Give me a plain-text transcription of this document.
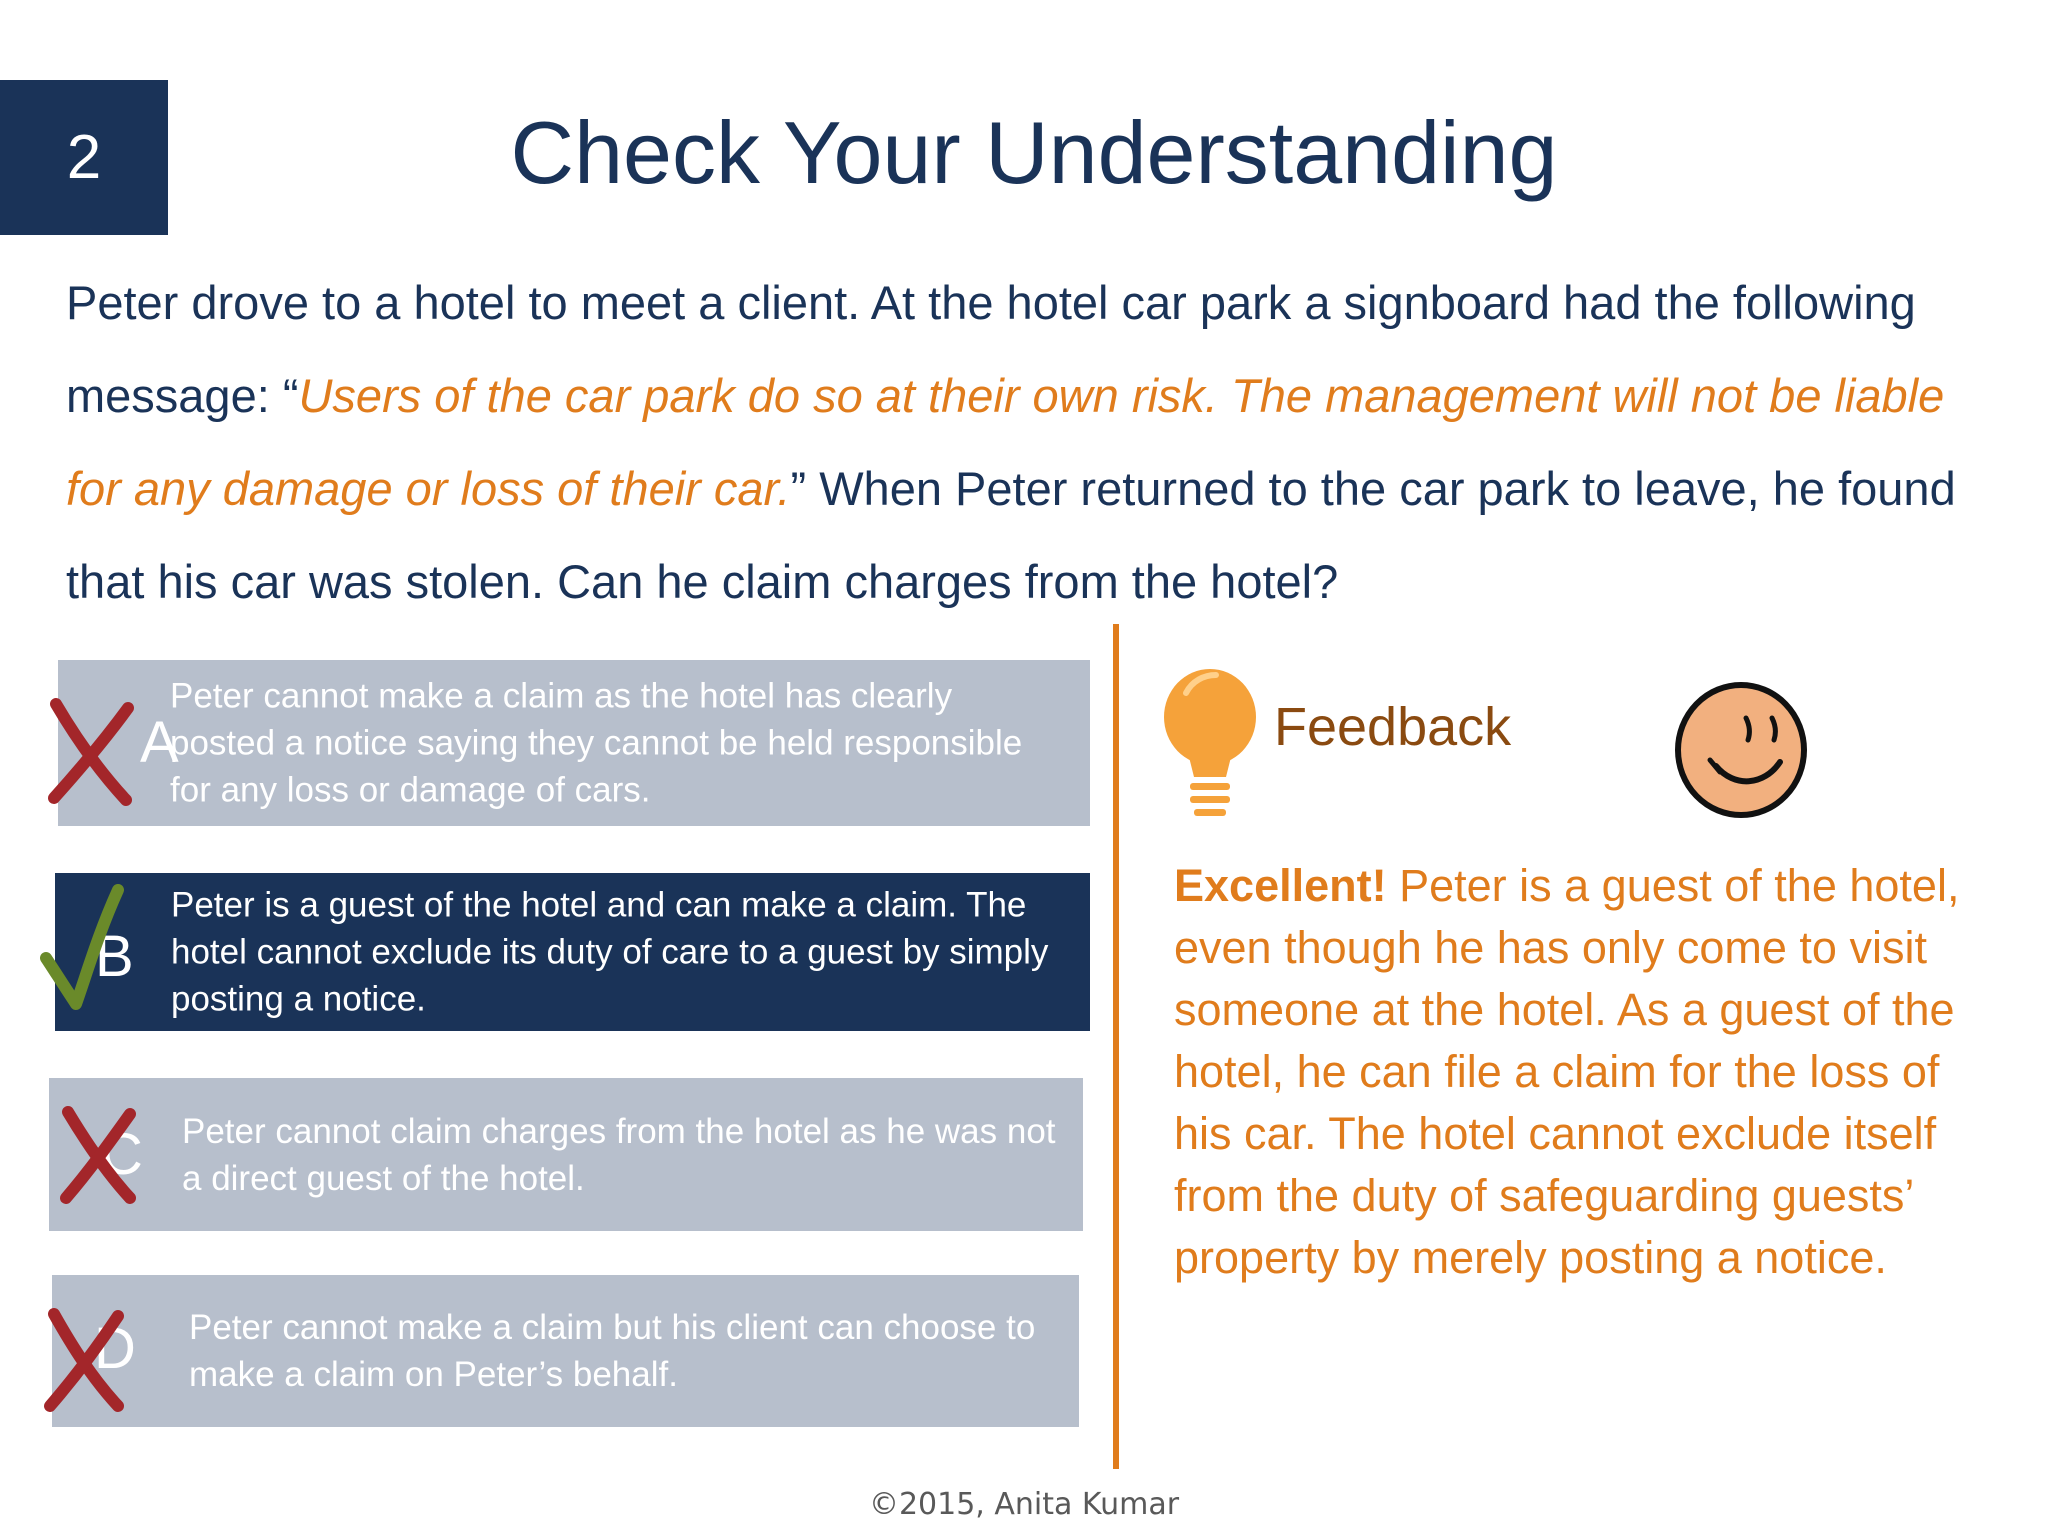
2	Check Your Understanding
Peter drove to a hotel to meet a client. At the hotel car park a signboard had the following message: “Users of the car park do so at their own risk. The management will not be liable for any damage or loss of their car.” When Peter returned to the car park to leave, he found that his car was stolen. Can he claim charges from the hotel?
A
Peter cannot make a claim as the hotel has clearly posted a notice saying they cannot be held responsible for any loss or damage of cars.
B
Peter is a guest of the hotel and can make a claim. The hotel cannot exclude its duty of care to a guest by simply posting a notice.
C Peter cannot claim charges from the hotel as he was not a direct guest of the hotel.
D Peter cannot make a claim but his client can choose to make a claim on Peter’s behalf.
Feedback
Excellent! Peter is a guest of the hotel, even though he has only come to visit someone at the hotel. As a guest of the hotel, he can file a claim for the loss of his car. The hotel cannot exclude itself from the duty of safeguarding guests’ property by merely posting a notice.
©2015, Anita Kumar
